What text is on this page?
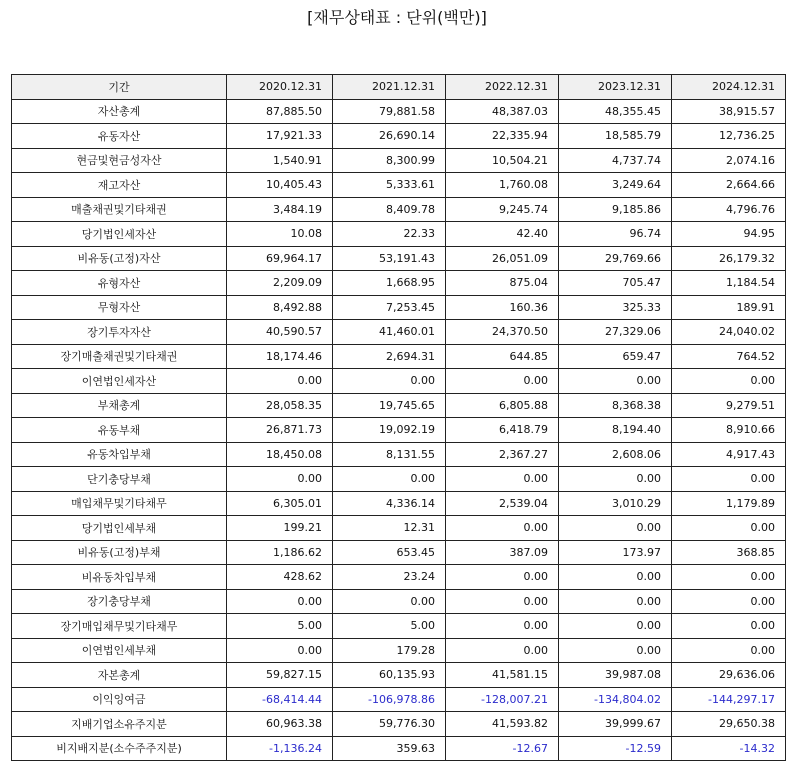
[재무상태표 : 단위(백만)]
기간	2020.12.31	2021.12.31	2022.12.31	2023.12.31	2024.12.31
자산총계	87,885.50	79,881.58	48,387.03	48,355.45	38,915.57
유동자산	17,921.33	26,690.14	22,335.94	18,585.79	12,736.25
현금및현금성자산	1,540.91	8,300.99	10,504.21	4,737.74	2,074.16
재고자산	10,405.43	5,333.61	1,760.08	3,249.64	2,664.66
매출채권및기타채권	3,484.19	8,409.78	9,245.74	9,185.86	4,796.76
당기법인세자산	10.08	22.33	42.40	96.74	94.95
비유동(고정)자산	69,964.17	53,191.43	26,051.09	29,769.66	26,179.32
유형자산	2,209.09	1,668.95	875.04	705.47	1,184.54
무형자산	8,492.88	7,253.45	160.36	325.33	189.91
장기투자자산	40,590.57	41,460.01	24,370.50	27,329.06	24,040.02
장기매출채권및기타채권	18,174.46	2,694.31	644.85	659.47	764.52
이연법인세자산	0.00	0.00	0.00	0.00	0.00
부채총계	28,058.35	19,745.65	6,805.88	8,368.38	9,279.51
유동부채	26,871.73	19,092.19	6,418.79	8,194.40	8,910.66
유동차입부채	18,450.08	8,131.55	2,367.27	2,608.06	4,917.43
단기충당부채	0.00	0.00	0.00	0.00	0.00
매입채무및기타채무	6,305.01	4,336.14	2,539.04	3,010.29	1,179.89
당기법인세부채	199.21	12.31	0.00	0.00	0.00
비유동(고정)부채	1,186.62	653.45	387.09	173.97	368.85
비유동차입부채	428.62	23.24	0.00	0.00	0.00
장기충당부채	0.00	0.00	0.00	0.00	0.00
장기매입채무및기타채무	5.00	5.00	0.00	0.00	0.00
이연법인세부채	0.00	179.28	0.00	0.00	0.00
자본총계	59,827.15	60,135.93	41,581.15	39,987.08	29,636.06
이익잉여금	-68,414.44	-106,978.86	-128,007.21	-134,804.02	-144,297.17
지배기업소유주지분	60,963.38	59,776.30	41,593.82	39,999.67	29,650.38
비지배지분(소수주주지분)	-1,136.24	359.63	-12.67	-12.59	-14.32
